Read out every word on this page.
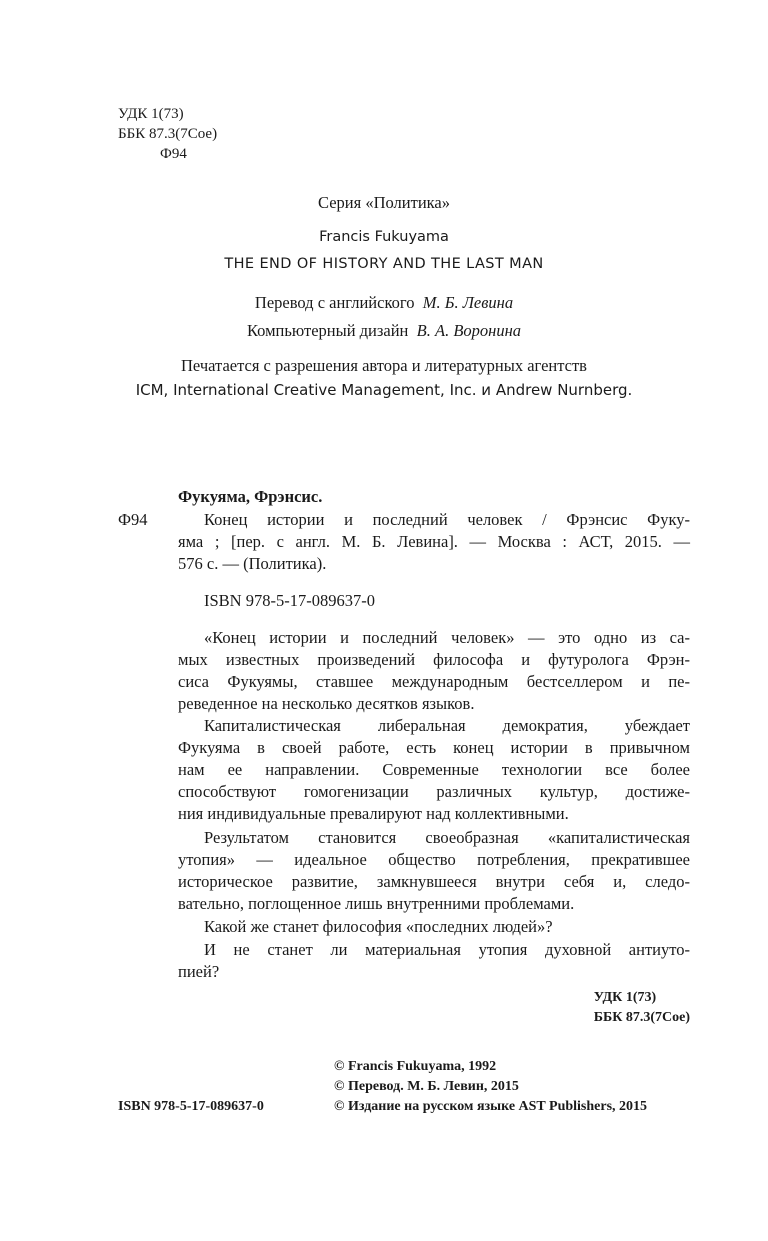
УДК 1(73)
ББК 87.3(7Сое)
Ф94
Серия «Политика»
Francis Fukuyama
THE END OF HISTORY AND THE LAST MAN
Перевод с английского М. Б. Левина
Компьютерный дизайн В. А. Воронина
Печатается с разрешения автора и литературных агентств
ICM, International Creative Management, Inc. и Andrew Nurnberg.
Фукуяма, Фрэнсис.
Ф94	Конец истории и последний человек / Фрэнсис Фуку-
яма ; [пер. с англ. М. Б. Левина]. — Москва : АСТ, 2015. —
576 с. — (Политика).
ISBN 978-5-17-089637-0
«Конец истории и последний человек» — это одно из са-
мых известных произведений философа и футуролога Фрэн-
сиса Фукуямы, ставшее международным бестселлером и пе-
реведенное на несколько десятков языков.
Капиталистическая либеральная демократия, убеждает
Фукуяма в своей работе, есть конец истории в привычном
нам ее направлении. Современные технологии все более
способствуют гомогенизации различных культур, достиже-
ния индивидуальные превалируют над коллективными.
Результатом становится своеобразная «капиталистическая
утопия» — идеальное общество потребления, прекратившее
историческое развитие, замкнувшееся внутри себя и, следо-
вательно, поглощенное лишь внутренними проблемами.
Какой же станет философия «последних людей»?
И не станет ли материальная утопия духовной антиуто-
пией?
УДК 1(73)
ББК 87.3(7Сое)
© Francis Fukuyama, 1992
© Перевод. М. Б. Левин, 2015
ISBN 978-5-17-089637-0	© Издание на русском языке AST Publishers, 2015
